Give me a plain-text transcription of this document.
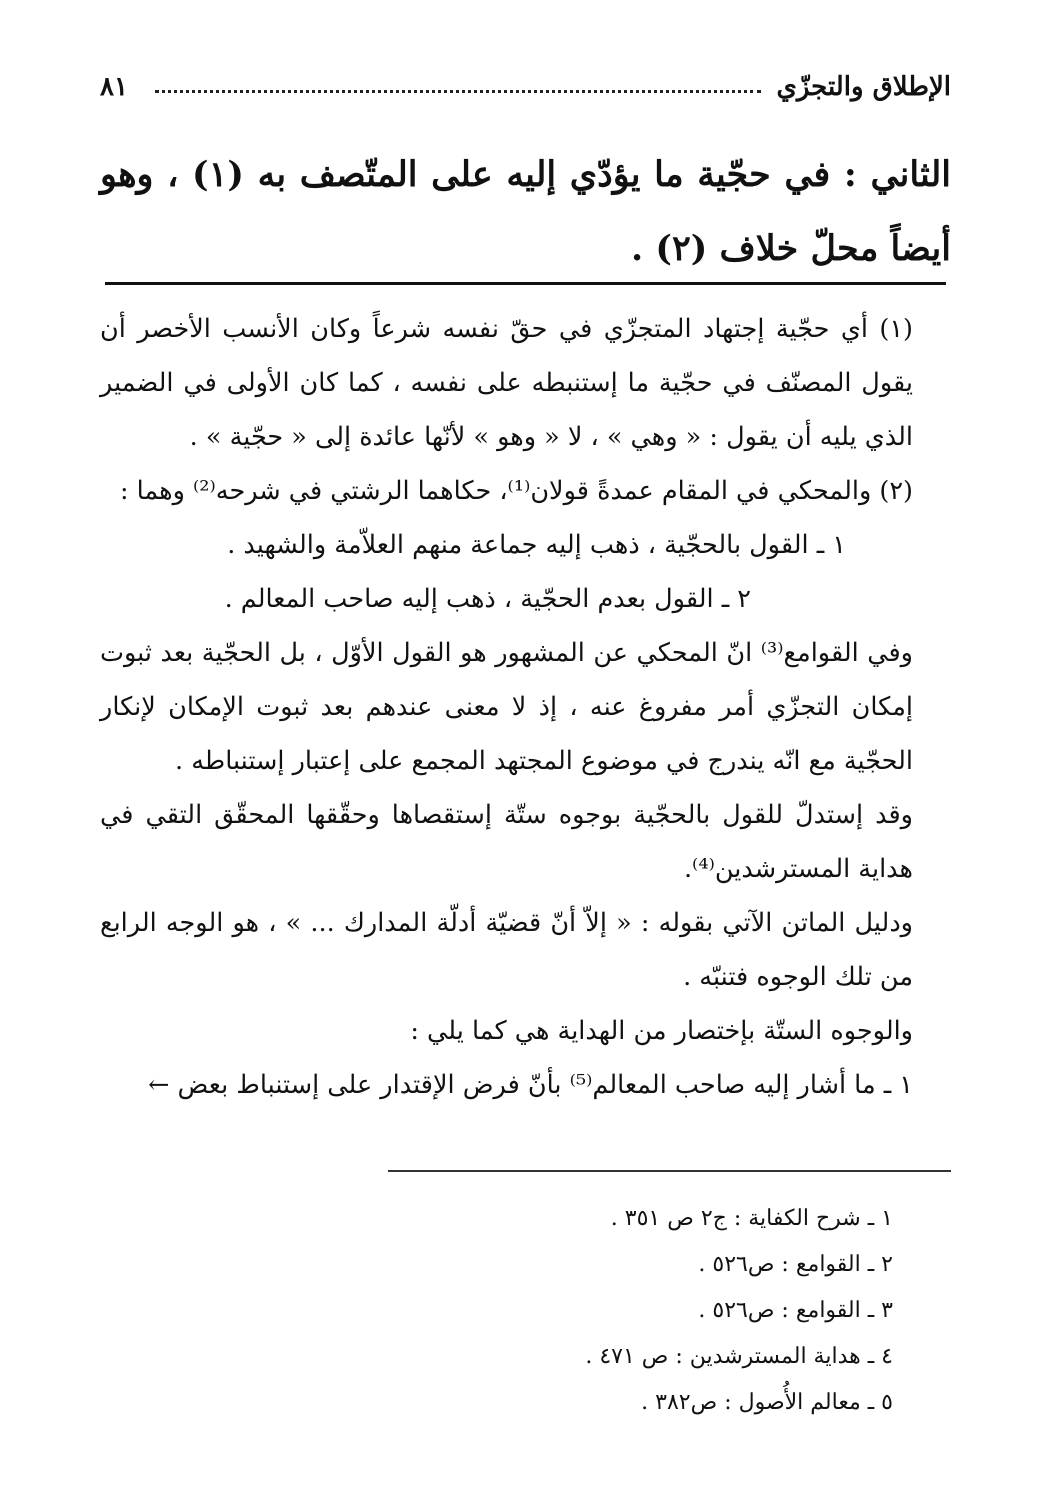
الإطلاق والتجزّي
٨١
الثاني : في حجّية ما يؤدّي إليه على المتّصف به (١) ، وهو أيضاً محلّ خلاف (٢) .

(١) أي حجّية إجتهاد المتجزّي في حقّ نفسه شرعاً وكان الأنسب الأخصر أن يقول المصنّف في حجّية ما إستنبطه على نفسه ، كما كان الأولى في الضمير الذي يليه أن يقول : « وهي » ، لا « وهو » لأنّها عائدة إلى « حجّية » .

(٢) والمحكي في المقام عمدةً قولان⁽¹⁾، حكاهما الرشتي في شرحه⁽²⁾ وهما :

١ ـ القول بالحجّية ، ذهب إليه جماعة منهم العلاّمة والشهيد .

٢ ـ القول بعدم الحجّية ، ذهب إليه صاحب المعالم .

وفي القوامع⁽³⁾ انّ المحكي عن المشهور هو القول الأوّل ، بل الحجّية بعد ثبوت إمكان التجزّي أمر مفروغ عنه ، إذ لا معنى عندهم بعد ثبوت الإمكان لإنكار الحجّية مع انّه يندرج في موضوع المجتهد المجمع على إعتبار إستنباطه .

وقد إستدلّ للقول بالحجّية بوجوه ستّة إستقصاها وحقّقها المحقّق التقي في هداية المسترشدين⁽⁴⁾.

ودليل الماتن الآتي بقوله : « إلاّ أنّ قضيّة أدلّة المدارك ... » ، هو الوجه الرابع من تلك الوجوه فتنبّه .

والوجوه الستّة بإختصار من الهداية هي كما يلي :

١ ـ ما أشار إليه صاحب المعالم⁽⁵⁾ بأنّ فرض الإقتدار على إستنباط بعض ←

١ ـ شرح الكفاية : ج٢ ص ٣٥١ .

٢ ـ القوامع : ص٥٢٦ .

٣ ـ القوامع : ص٥٢٦ .

٤ ـ هداية المسترشدين : ص ٤٧١ .

٥ ـ معالم الأُصول : ص٣٨٢ .
